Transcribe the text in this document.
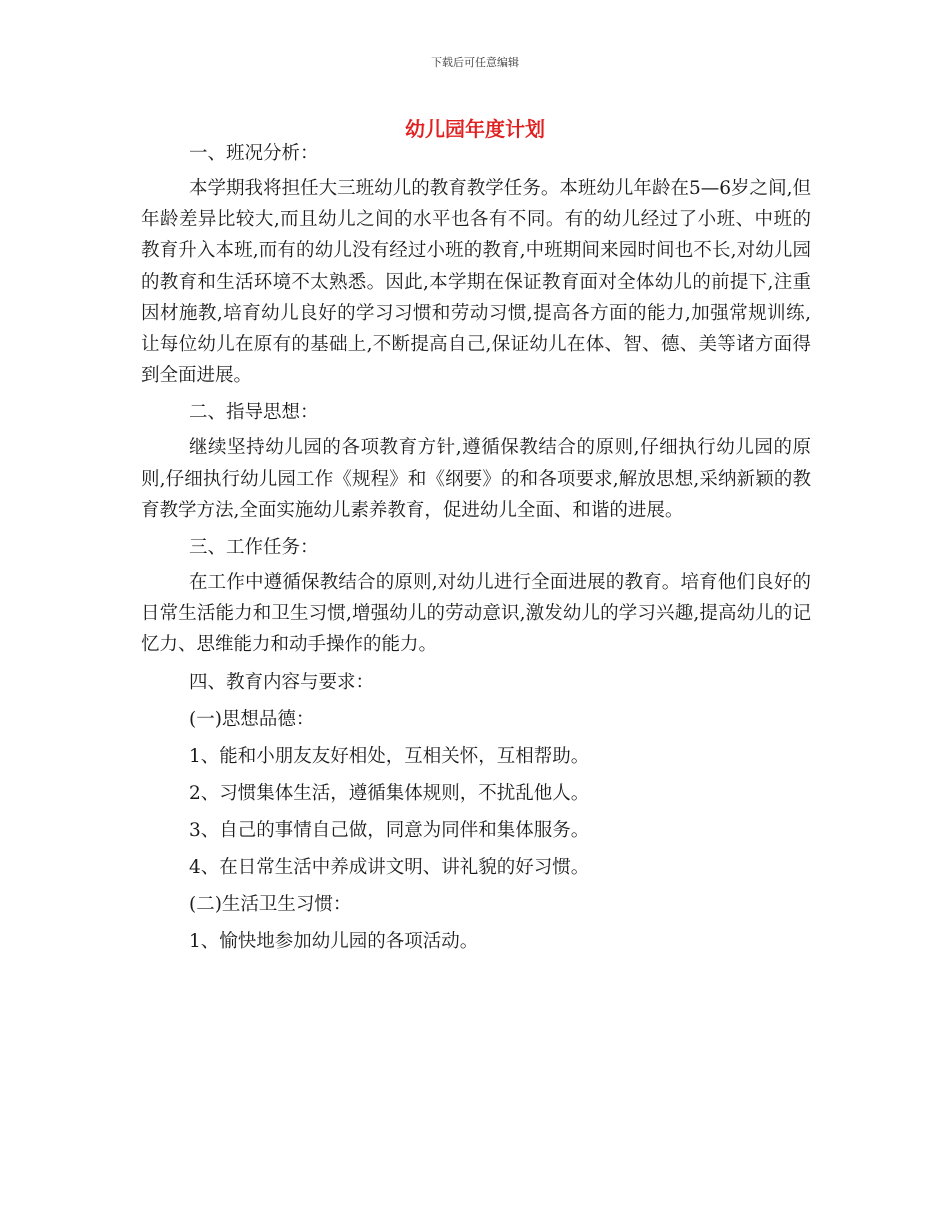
下载后可任意编辑
幼儿园年度计划

一、班况分析：

本学期我将担任大三班幼儿的教育教学任务。本班幼儿年龄在5—6岁之间,但年龄差异比较大,而且幼儿之间的水平也各有不同。有的幼儿经过了小班、中班的教育升入本班,而有的幼儿没有经过小班的教育,中班期间来园时间也不长,对幼儿园的教育和生活环境不太熟悉。因此,本学期在保证教育面对全体幼儿的前提下,注重因材施教,培育幼儿良好的学习习惯和劳动习惯,提高各方面的能力,加强常规训练,让每位幼儿在原有的基础上,不断提高自己,保证幼儿在体、智、德、美等诸方面得到全面进展。

二、指导思想：

继续坚持幼儿园的各项教育方针,遵循保教结合的原则,仔细执行幼儿园的原则,仔细执行幼儿园工作《规程》和《纲要》的和各项要求,解放思想,采纳新颖的教育教学方法,全面实施幼儿素养教育，促进幼儿全面、和谐的进展。

三、工作任务：

在工作中遵循保教结合的原则,对幼儿进行全面进展的教育。培育他们良好的日常生活能力和卫生习惯,增强幼儿的劳动意识,激发幼儿的学习兴趣,提高幼儿的记忆力、思维能力和动手操作的能力。

四、教育内容与要求：

(一)思想品德：

1、能和小朋友友好相处，互相关怀，互相帮助。

2、习惯集体生活，遵循集体规则，不扰乱他人。

3、自己的事情自己做，同意为同伴和集体服务。

4、在日常生活中养成讲文明、讲礼貌的好习惯。

(二)生活卫生习惯：

1、愉快地参加幼儿园的各项活动。
